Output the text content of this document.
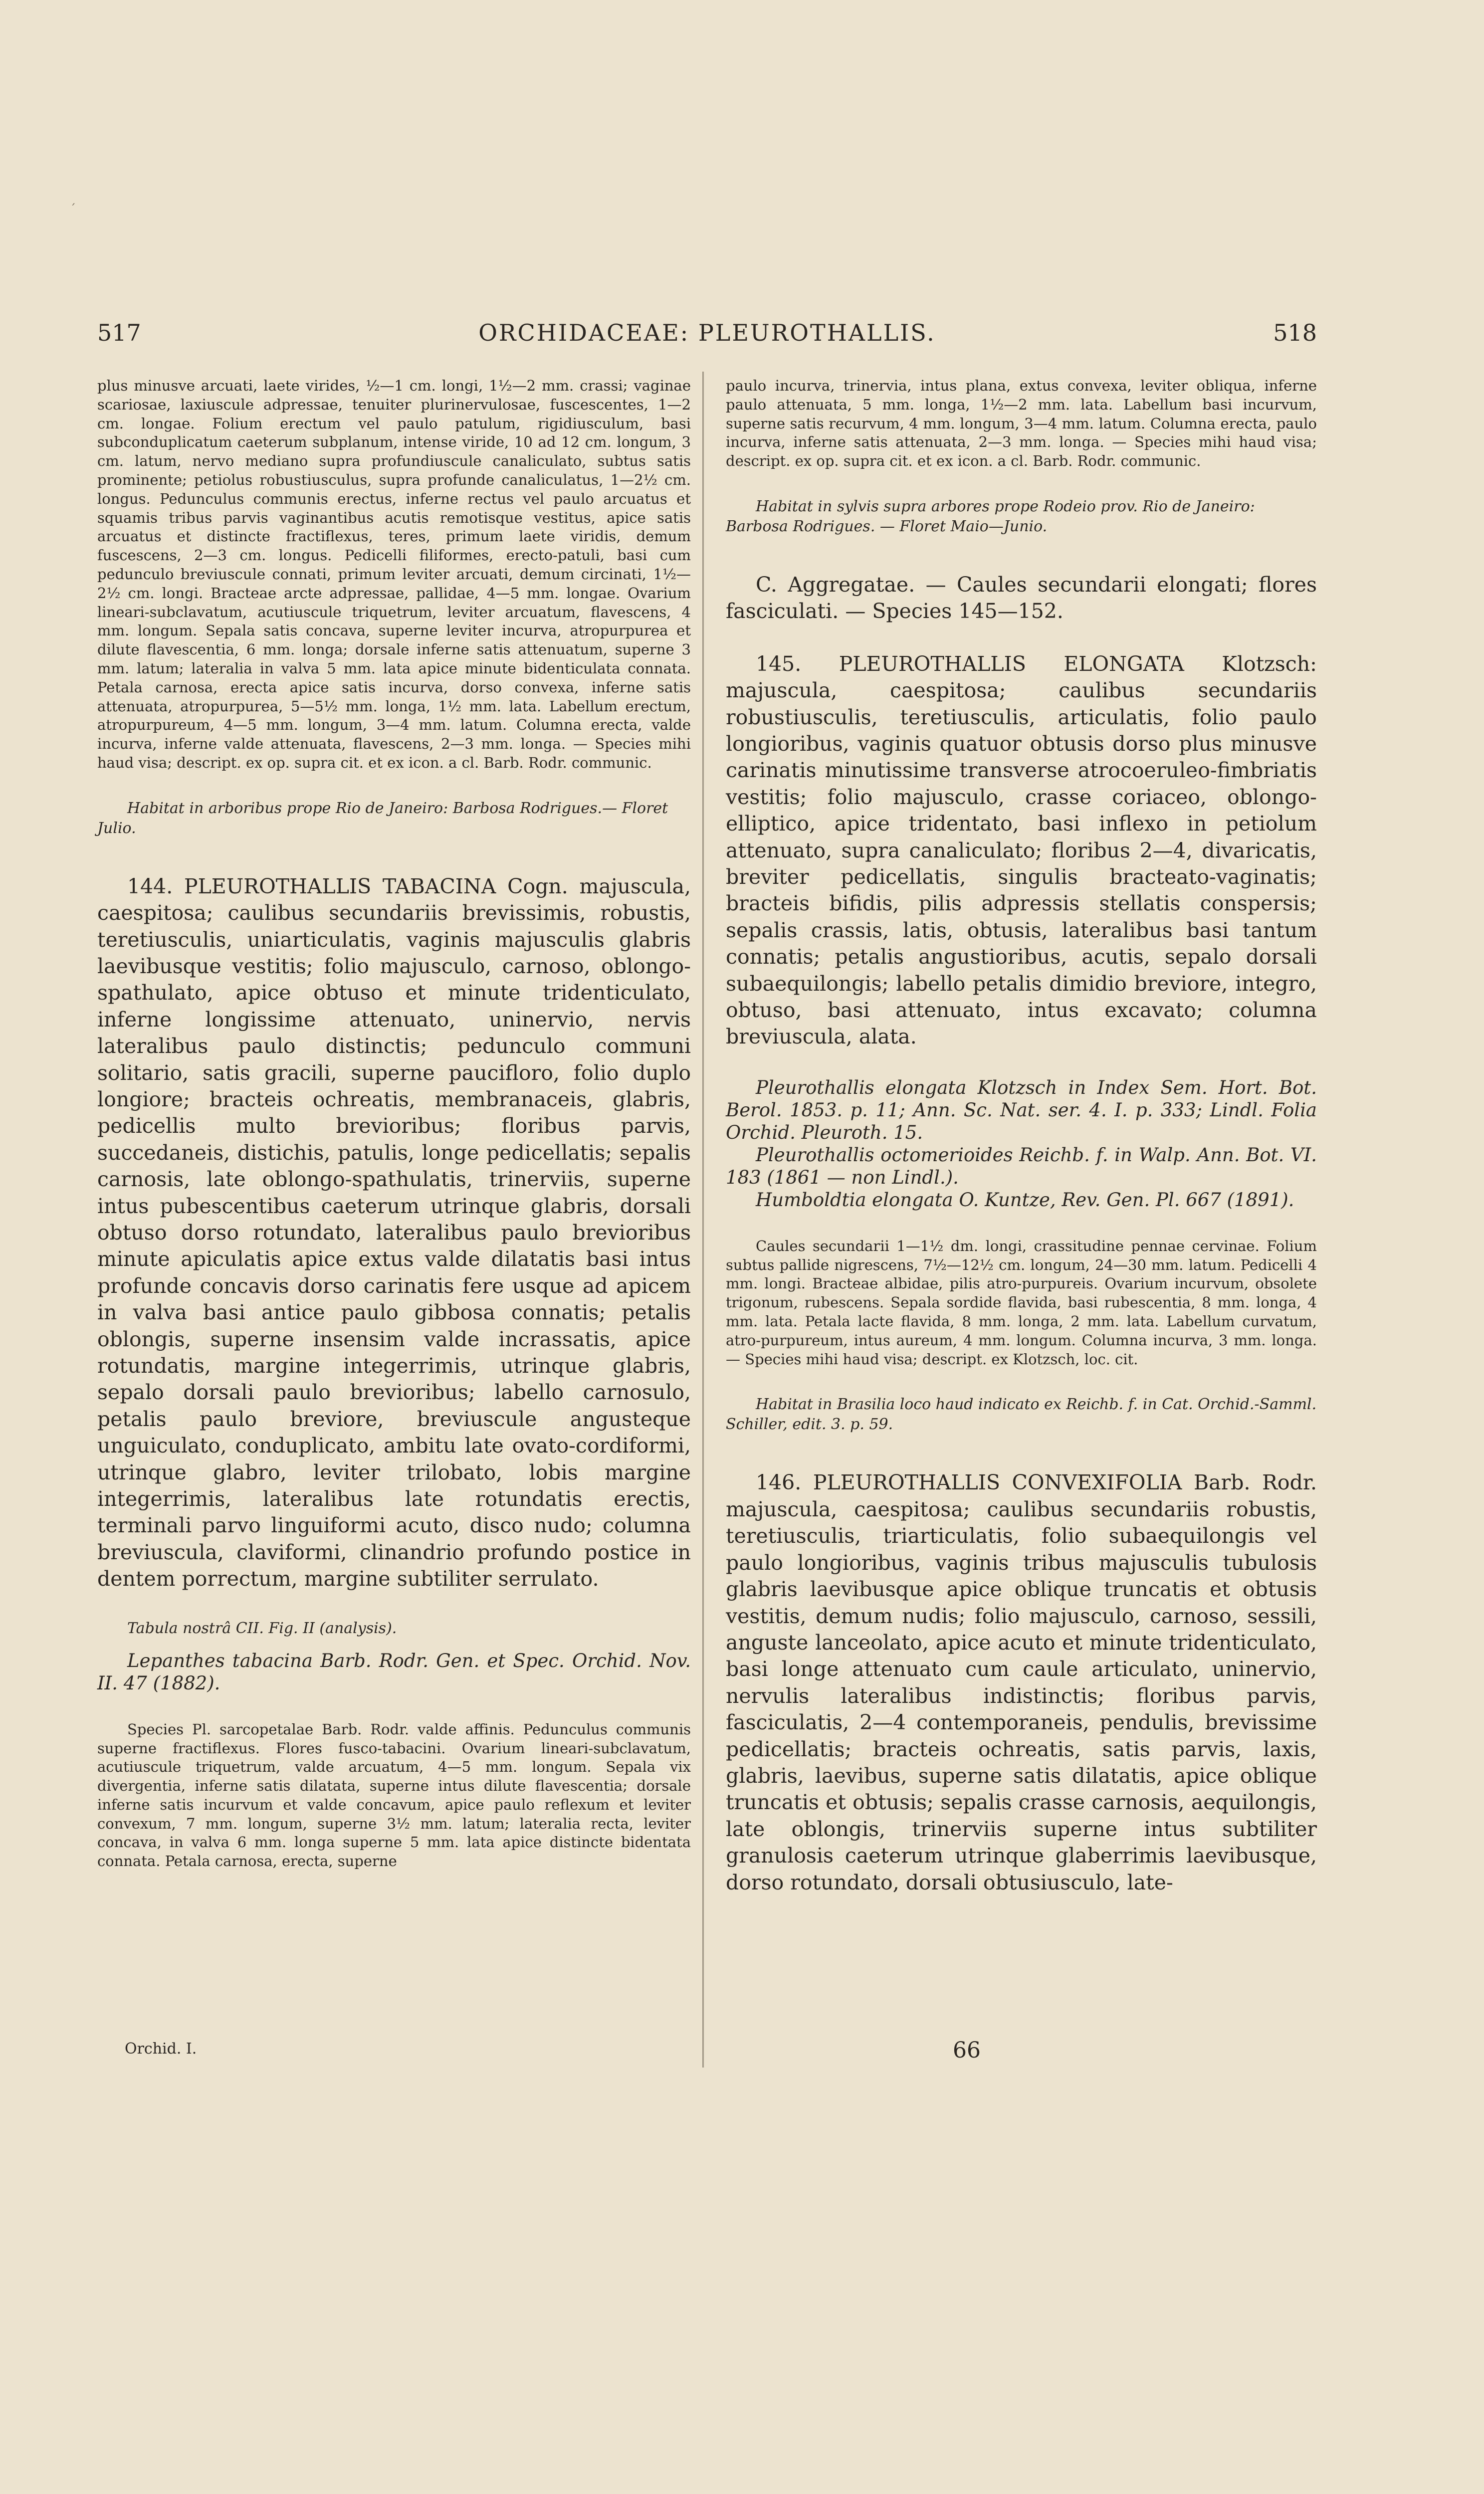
´
517	ORCHIDACEAE: PLEUROTHALLIS.	518

plus minusve arcuati, laete virides, ½—1 cm. longi, 1½—2 mm. crassi; vaginae scariosae, laxiuscule adpressae, tenuiter plurinervulosae, fuscescentes, 1—2 cm. longae. Folium erectum vel paulo patulum, rigidiusculum, basi subconduplicatum caeterum subplanum, intense viride, 10 ad 12 cm. longum, 3 cm. latum, nervo mediano supra profundiuscule canaliculato, subtus satis prominente; petiolus robustiusculus, supra profunde canaliculatus, 1—2½ cm. longus. Pedunculus communis erectus, inferne rectus vel paulo arcuatus et squamis tribus parvis vaginantibus acutis remotisque vestitus, apice satis arcuatus et distincte fractiflexus, teres, primum laete viridis, demum fuscescens, 2—3 cm. longus. Pedicelli filiformes, erecto-patuli, basi cum pedunculo breviuscule connati, primum leviter arcuati, demum circinati, 1½—2½ cm. longi. Bracteae arcte adpressae, pallidae, 4—5 mm. longae. Ovarium lineari-subclavatum, acutiuscule triquetrum, leviter arcuatum, flavescens, 4 mm. longum. Sepala satis concava, superne leviter incurva, atropurpurea et dilute flavescentia, 6 mm. longa; dorsale inferne satis attenuatum, superne 3 mm. latum; lateralia in valva 5 mm. lata apice minute bidenticulata connata. Petala carnosa, erecta apice satis incurva, dorso convexa, inferne satis attenuata, atropurpurea, 5—5½ mm. longa, 1½ mm. lata. Labellum erectum, atropurpureum, 4—5 mm. longum, 3—4 mm. latum. Columna erecta, valde incurva, inferne valde attenuata, flavescens, 2—3 mm. longa. — Species mihi haud visa; descript. ex op. supra cit. et ex icon. a cl. Barb. Rodr. communic.

Habitat in arboribus prope Rio de Janeiro: Barbosa Rodrigues.— Floret Julio.

144. PLEUROTHALLIS TABACINA Cogn. majuscula, caespitosa; caulibus secundariis brevissimis, robustis, teretiusculis, uniarticulatis, vaginis majusculis glabris laevibusque vestitis; folio majusculo, carnoso, oblongo-spathulato, apice obtuso et minute tridenticulato, inferne longissime attenuato, uninervio, nervis lateralibus paulo distinctis; pedunculo communi solitario, satis gracili, superne paucifloro, folio duplo longiore; bracteis ochreatis, membranaceis, glabris, pedicellis multo brevioribus; floribus parvis, succedaneis, distichis, patulis, longe pedicellatis; sepalis carnosis, late oblongo-spathulatis, trinerviis, superne intus pubescentibus caeterum utrinque glabris, dorsali obtuso dorso rotundato, lateralibus paulo brevioribus minute apiculatis apice extus valde dilatatis basi intus profunde concavis dorso carinatis fere usque ad apicem in valva basi antice paulo gibbosa connatis; petalis oblongis, superne insensim valde incrassatis, apice rotundatis, margine integerrimis, utrinque glabris, sepalo dorsali paulo brevioribus; labello carnosulo, petalis paulo breviore, breviuscule angusteque unguiculato, conduplicato, ambitu late ovato-cordiformi, utrinque glabro, leviter trilobato, lobis margine integerrimis, lateralibus late rotundatis erectis, terminali parvo linguiformi acuto, disco nudo; columna breviuscula, claviformi, clinandrio profundo postice in dentem porrectum, margine subtiliter serrulato.

Tabula nostrâ CII. Fig. II (analysis).

Lepanthes tabacina Barb. Rodr. Gen. et Spec. Orchid. Nov. II. 47 (1882).

Species Pl. sarcopetalae Barb. Rodr. valde affinis. Pedunculus communis superne fractiflexus. Flores fusco-tabacini. Ovarium lineari-subclavatum, acutiuscule triquetrum, valde arcuatum, 4—5 mm. longum. Sepala vix divergentia, inferne satis dilatata, superne intus dilute flavescentia; dorsale inferne satis incurvum et valde concavum, apice paulo reflexum et leviter convexum, 7 mm. longum, superne 3½ mm. latum; lateralia recta, leviter concava, in valva 6 mm. longa superne 5 mm. lata apice distincte bidentata connata. Petala carnosa, erecta, superne

paulo incurva, trinervia, intus plana, extus convexa, leviter obliqua, inferne paulo attenuata, 5 mm. longa, 1½—2 mm. lata. Labellum basi incurvum, superne satis recurvum, 4 mm. longum, 3—4 mm. latum. Columna erecta, paulo incurva, inferne satis attenuata, 2—3 mm. longa. — Species mihi haud visa; descript. ex op. supra cit. et ex icon. a cl. Barb. Rodr. communic.

Habitat in sylvis supra arbores prope Rodeio prov. Rio de Janeiro: Barbosa Rodrigues. — Floret Maio—Junio.

C. Aggregatae. — Caules secundarii elongati; flores fasciculati. — Species 145—152.

145. PLEUROTHALLIS ELONGATA Klotzsch: majuscula, caespitosa; caulibus secundariis robustiusculis, teretiusculis, articulatis, folio paulo longioribus, vaginis quatuor obtusis dorso plus minusve carinatis minutissime transverse atrocoeruleo-fimbriatis vestitis; folio majusculo, crasse coriaceo, oblongo-elliptico, apice tridentato, basi inflexo in petiolum attenuato, supra canaliculato; floribus 2—4, divaricatis, breviter pedicellatis, singulis bracteato-vaginatis; bracteis bifidis, pilis adpressis stellatis conspersis; sepalis crassis, latis, obtusis, lateralibus basi tantum connatis; petalis angustioribus, acutis, sepalo dorsali subaequilongis; labello petalis dimidio breviore, integro, obtuso, basi attenuato, intus excavato; columna breviuscula, alata.

Pleurothallis elongata Klotzsch in Index Sem. Hort. Bot. Berol. 1853. p. 11; Ann. Sc. Nat. ser. 4. I. p. 333; Lindl. Folia Orchid. Pleuroth. 15.

Pleurothallis octomerioides Reichb. f. in Walp. Ann. Bot. VI. 183 (1861 — non Lindl.).

Humboldtia elongata O. Kuntze, Rev. Gen. Pl. 667 (1891).

Caules secundarii 1—1½ dm. longi, crassitudine pennae cervinae. Folium subtus pallide nigrescens, 7½—12½ cm. longum, 24—30 mm. latum. Pedicelli 4 mm. longi. Bracteae albidae, pilis atro-purpureis. Ovarium incurvum, obsolete trigonum, rubescens. Sepala sordide flavida, basi rubescentia, 8 mm. longa, 4 mm. lata. Petala lacte flavida, 8 mm. longa, 2 mm. lata. Labellum curvatum, atro-purpureum, intus aureum, 4 mm. longum. Columna incurva, 3 mm. longa. — Species mihi haud visa; descript. ex Klotzsch, loc. cit.

Habitat in Brasilia loco haud indicato ex Reichb. f. in Cat. Orchid.-Samml. Schiller, edit. 3. p. 59.

146. PLEUROTHALLIS CONVEXIFOLIA Barb. Rodr. majuscula, caespitosa; caulibus secundariis robustis, teretiusculis, triarticulatis, folio subaequilongis vel paulo longioribus, vaginis tribus majusculis tubulosis glabris laevibusque apice oblique truncatis et obtusis vestitis, demum nudis; folio majusculo, carnoso, sessili, anguste lanceolato, apice acuto et minute tridenticulato, basi longe attenuato cum caule articulato, uninervio, nervulis lateralibus indistinctis; floribus parvis, fasciculatis, 2—4 contemporaneis, pendulis, brevissime pedicellatis; bracteis ochreatis, satis parvis, laxis, glabris, laevibus, superne satis dilatatis, apice oblique truncatis et obtusis; sepalis crasse carnosis, aequilongis, late oblongis, trinerviis superne intus subtiliter granulosis caeterum utrinque glaberrimis laevibusque, dorso rotundato, dorsali obtusiusculo, late-

Orchid. I.	66
